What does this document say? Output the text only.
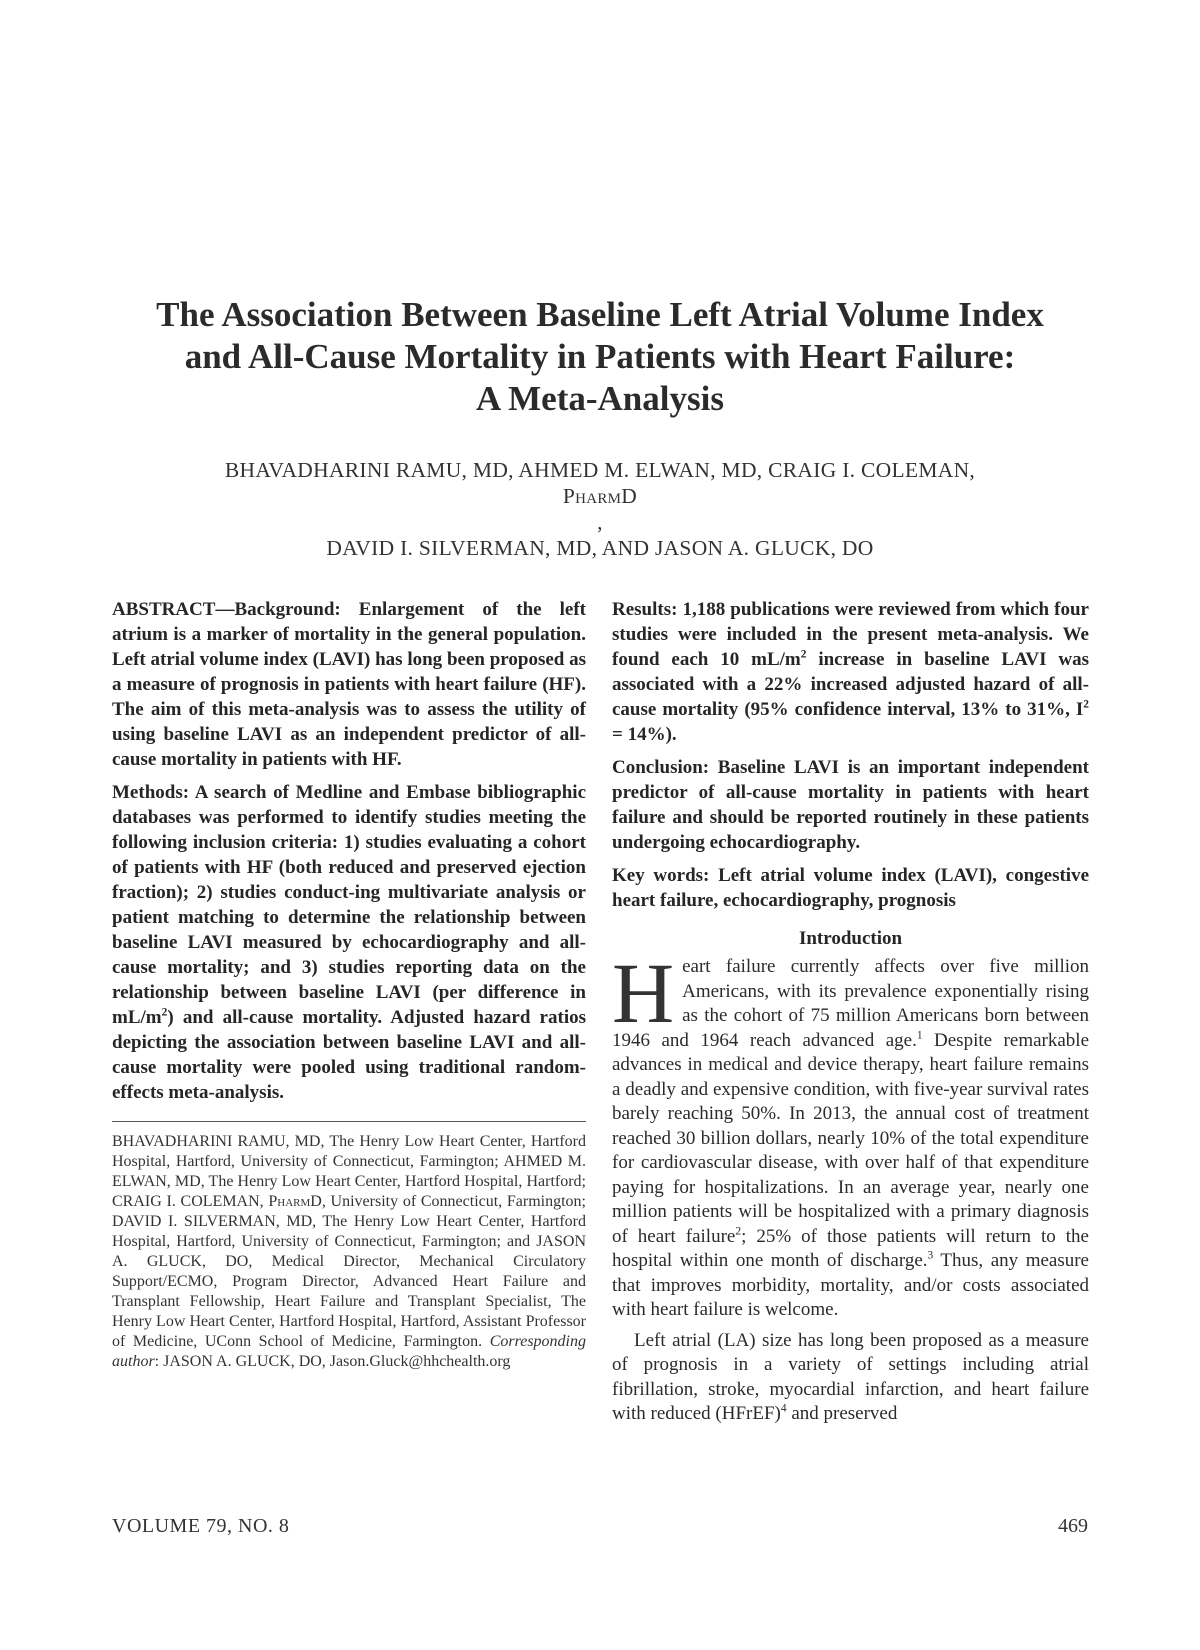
The Association Between Baseline Left Atrial Volume Index
and All-Cause Mortality in Patients with Heart Failure:
A Meta-Analysis
BHAVADHARINI RAMU, MD, AHMED M. ELWAN, MD, CRAIG I. COLEMAN,
PharmD
,
DAVID I. SILVERMAN, MD, AND JASON A. GLUCK, DO

ABSTRACT—Background: Enlargement of the left atrium is a marker of mortality in the general population. Left atrial volume index (LAVI) has long been proposed as a measure of prognosis in patients with heart failure (HF). The aim of this meta-analysis was to assess the utility of using baseline LAVI as an independent predictor of all-cause mortality in patients with HF.

Methods: A search of Medline and Embase bibliographic databases was performed to identify studies meeting the following inclusion criteria: 1) studies evaluating a cohort of patients with HF (both reduced and preserved ejection fraction); 2) studies conduct-ing multivariate analysis or patient matching to determine the relationship between baseline LAVI measured by echocardiography and all-cause mortality; and 3) studies reporting data on the relationship between baseline LAVI (per difference in $mL/m^2$) and all-cause mortality. Adjusted hazard ratios depicting the association between baseline LAVI and all-cause mortality were pooled using traditional random-effects meta-analysis.

BHAVADHARINI RAMU, MD, The Henry Low Heart Center, Hartford Hospital, Hartford, University of Connecticut, Farmington; AHMED M. ELWAN, MD, The Henry Low Heart Center, Hartford Hospital, Hartford; CRAIG I. COLEMAN, PharmD, University of Connecticut, Farmington; DAVID I. SILVERMAN, MD, The Henry Low Heart Center, Hartford Hospital, Hartford, University of Connecticut, Farmington; and JASON A. GLUCK, DO, Medical Director, Mechanical Circulatory Support/ECMO, Program Director, Advanced Heart Failure and Transplant Fellowship, Heart Failure and Transplant Specialist, The Henry Low Heart Center, Hartford Hospital, Hartford, Assistant Professor of Medicine, UConn School of Medicine, Farmington. Corresponding author: JASON A. GLUCK, DO, Jason.Gluck@hhchealth.org

Results: 1,188 publications were reviewed from which four studies were included in the present meta-analysis. We found each 10 $mL/m^2$ increase in baseline LAVI was associated with a 22% increased adjusted hazard of all-cause mortality (95% confidence interval, 13% to 31%, $I^2 = 14\%$).

Conclusion: Baseline LAVI is an important independent predictor of all-cause mortality in patients with heart failure and should be reported routinely in these patients undergoing echocardiography.

Key words: Left atrial volume index (LAVI), congestive heart failure, echocardiography, prognosis

Introduction

Heart failure currently affects over five million Americans, with its prevalence exponentially rising as the cohort of 75 million Americans born between 1946 and 1964 reach advanced age.$^1$ Despite remarkable advances in medical and device therapy, heart failure remains a deadly and expensive condition, with five-year survival rates barely reaching 50%. In 2013, the annual cost of treatment reached 30 billion dollars, nearly 10% of the total expenditure for cardiovascular disease, with over half of that expenditure paying for hospitalizations. In an average year, nearly one million patients will be hospitalized with a primary diagnosis of heart failure$^2$; 25% of those patients will return to the hospital within one month of discharge.$^3$ Thus, any measure that improves morbidity, mortality, and/or costs associated with heart failure is welcome.

Left atrial (LA) size has long been proposed as a measure of prognosis in a variety of settings including atrial fibrillation, stroke, myocardial infarction, and heart failure with reduced (HFrEF)$^4$ and preserved

VOLUME 79, NO. 8	469
